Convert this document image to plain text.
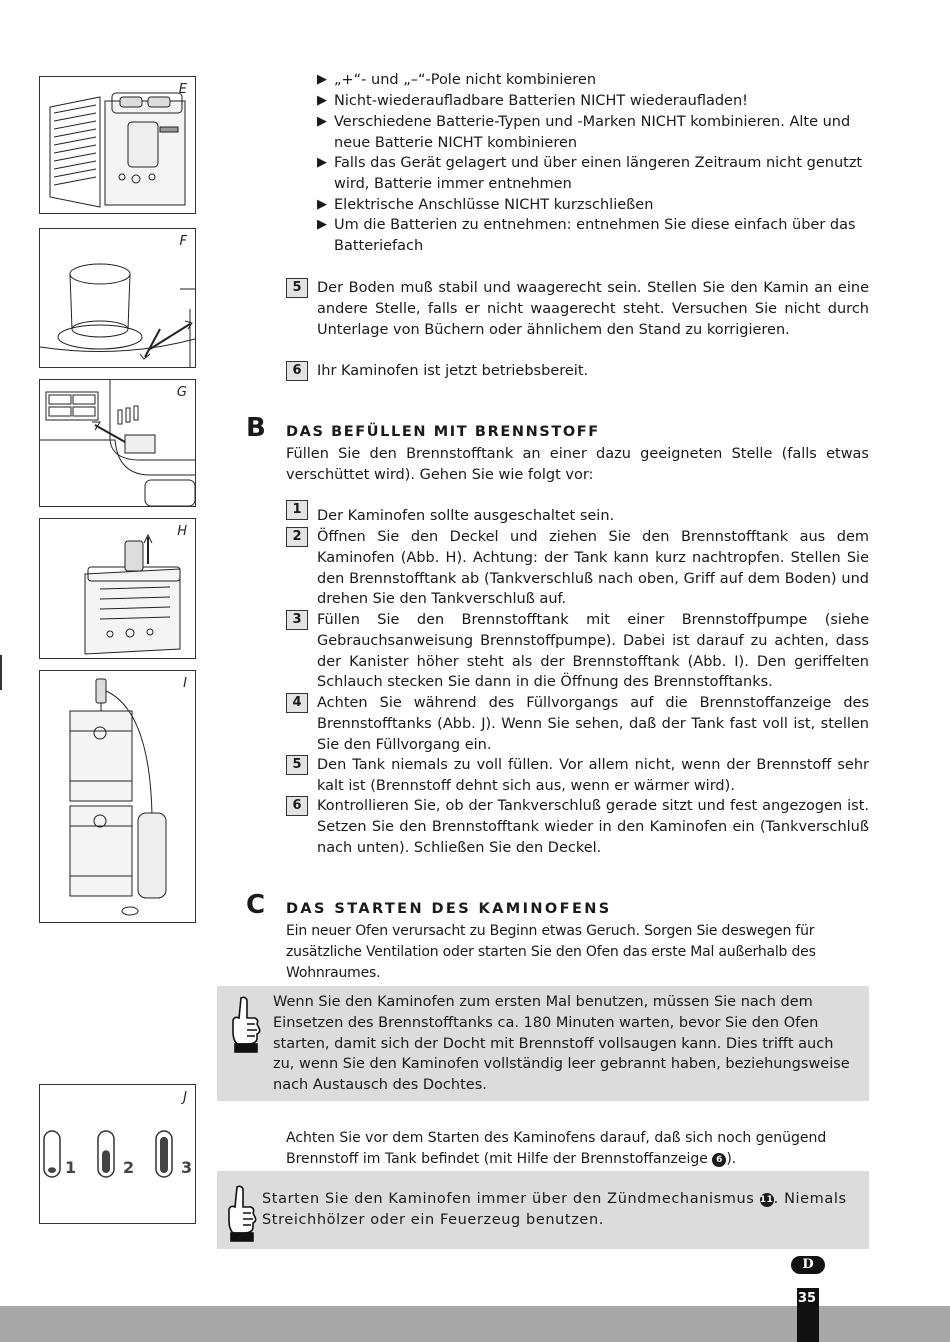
E
F
G
H
I
J
1	2	3
▶ „+“- und „–“-Pole nicht kombinieren
▶ Nicht-wiederaufladbare Batterien NICHT wiederaufladen!
▶ Verschiedene Batterie-Typen und -Marken NICHT kombinieren. Alte und neue Batterie NICHT kombinieren
▶ Falls das Gerät gelagert und über einen längeren Zeitraum nicht genutzt wird, Batterie immer entnehmen
▶ Elektrische Anschlüsse NICHT kurzschließen
▶ Um die Batterien zu entnehmen: entnehmen Sie diese einfach über das Batteriefach
5	Der Boden muß stabil und waagerecht sein. Stellen Sie den Kamin an eine andere Stelle, falls er nicht waagerecht steht. Versuchen Sie nicht durch Unterlage von Büchern oder ähnlichem den Stand zu korrigieren.
6	Ihr Kaminofen ist jetzt betriebsbereit.
B DAS BEFÜLLEN MIT BRENNSTOFF
Füllen Sie den Brennstofftank an einer dazu geeigneten Stelle (falls etwas verschüttet wird). Gehen Sie wie folgt vor:
1	Der Kaminofen sollte ausgeschaltet sein.
2	Öffnen Sie den Deckel und ziehen Sie den Brennstofftank aus dem Kaminofen (Abb. H). Achtung: der Tank kann kurz nachtropfen. Stellen Sie den Brennstofftank ab (Tankverschluß nach oben, Griff auf dem Boden) und drehen Sie den Tankverschluß auf.
3	Füllen Sie den Brennstofftank mit einer Brennstoffpumpe (siehe Gebrauchsanweisung Brennstoffpumpe). Dabei ist darauf zu achten, dass der Kanister höher steht als der Brennstofftank (Abb. I). Den geriffelten Schlauch stecken Sie dann in die Öffnung des Brennstofftanks.
4	Achten Sie während des Füllvorgangs auf die Brennstoffanzeige des Brennstofftanks (Abb. J). Wenn Sie sehen, daß der Tank fast voll ist, stellen Sie den Füllvorgang ein.
5	Den Tank niemals zu voll füllen. Vor allem nicht, wenn der Brennstoff sehr kalt ist (Brennstoff dehnt sich aus, wenn er wärmer wird).
6	Kontrollieren Sie, ob der Tankverschluß gerade sitzt und fest angezogen ist. Setzen Sie den Brennstofftank wieder in den Kaminofen ein (Tankverschluß nach unten). Schließen Sie den Deckel.
C DAS STARTEN DES KAMINOFENS
Ein neuer Ofen verursacht zu Beginn etwas Geruch. Sorgen Sie deswegen für zusätzliche Ventilation oder starten Sie den Ofen das erste Mal außerhalb des Wohnraumes.
Wenn Sie den Kaminofen zum ersten Mal benutzen, müssen Sie nach dem Einsetzen des Brennstofftanks ca. 180 Minuten warten, bevor Sie den Ofen starten, damit sich der Docht mit Brennstoff vollsaugen kann. Dies trifft auch zu, wenn Sie den Kaminofen vollständig leer gebrannt haben, beziehungsweise nach Austausch des Dochtes.
Achten Sie vor dem Starten des Kaminofens darauf, daß sich noch genügend Brennstoff im Tank befindet (mit Hilfe der Brennstoffanzeige 6 ).
Starten Sie den Kaminofen immer über den Zündmechanismus 11. Niemals Streichhölzer oder ein Feuerzeug benutzen.
D
35
